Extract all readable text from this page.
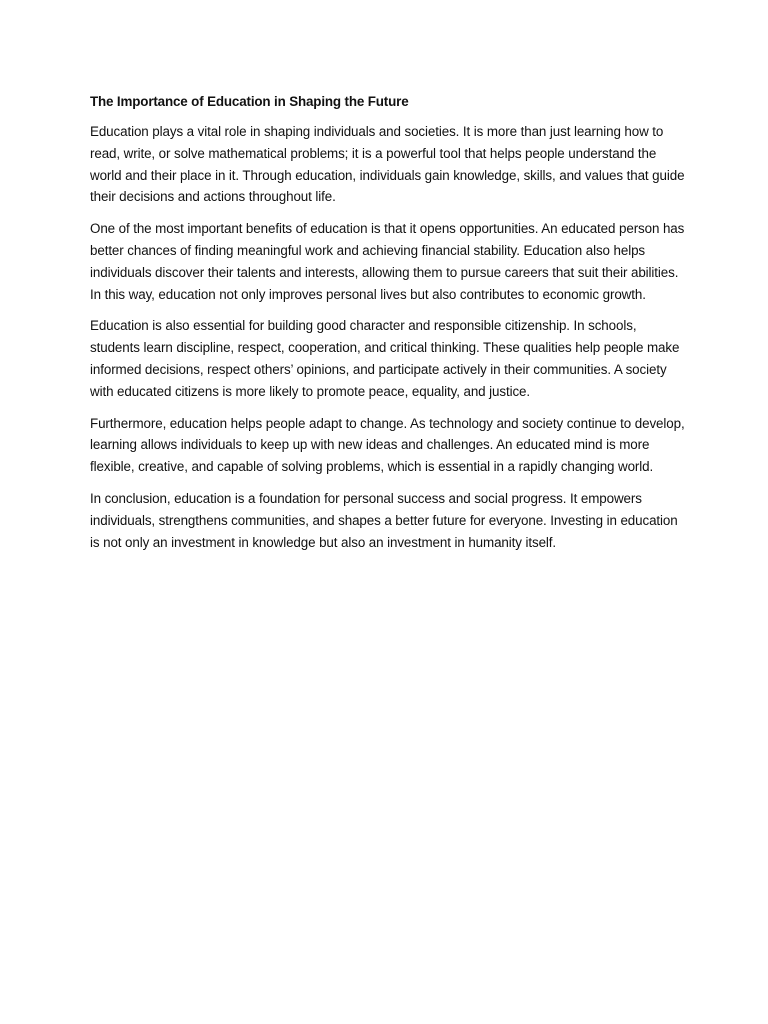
The Importance of Education in Shaping the Future

Education plays a vital role in shaping individuals and societies. It is more than just learning how to read, write, or solve mathematical problems; it is a powerful tool that helps people understand the world and their place in it. Through education, individuals gain knowledge, skills, and values that guide their decisions and actions throughout life.

One of the most important benefits of education is that it opens opportunities. An educated person has better chances of finding meaningful work and achieving financial stability. Education also helps individuals discover their talents and interests, allowing them to pursue careers that suit their abilities. In this way, education not only improves personal lives but also contributes to economic growth.

Education is also essential for building good character and responsible citizenship. In schools, students learn discipline, respect, cooperation, and critical thinking. These qualities help people make informed decisions, respect others’ opinions, and participate actively in their communities. A society with educated citizens is more likely to promote peace, equality, and justice.

Furthermore, education helps people adapt to change. As technology and society continue to develop, learning allows individuals to keep up with new ideas and challenges. An educated mind is more flexible, creative, and capable of solving problems, which is essential in a rapidly changing world.

In conclusion, education is a foundation for personal success and social progress. It empowers individuals, strengthens communities, and shapes a better future for everyone. Investing in education is not only an investment in knowledge but also an investment in humanity itself.
